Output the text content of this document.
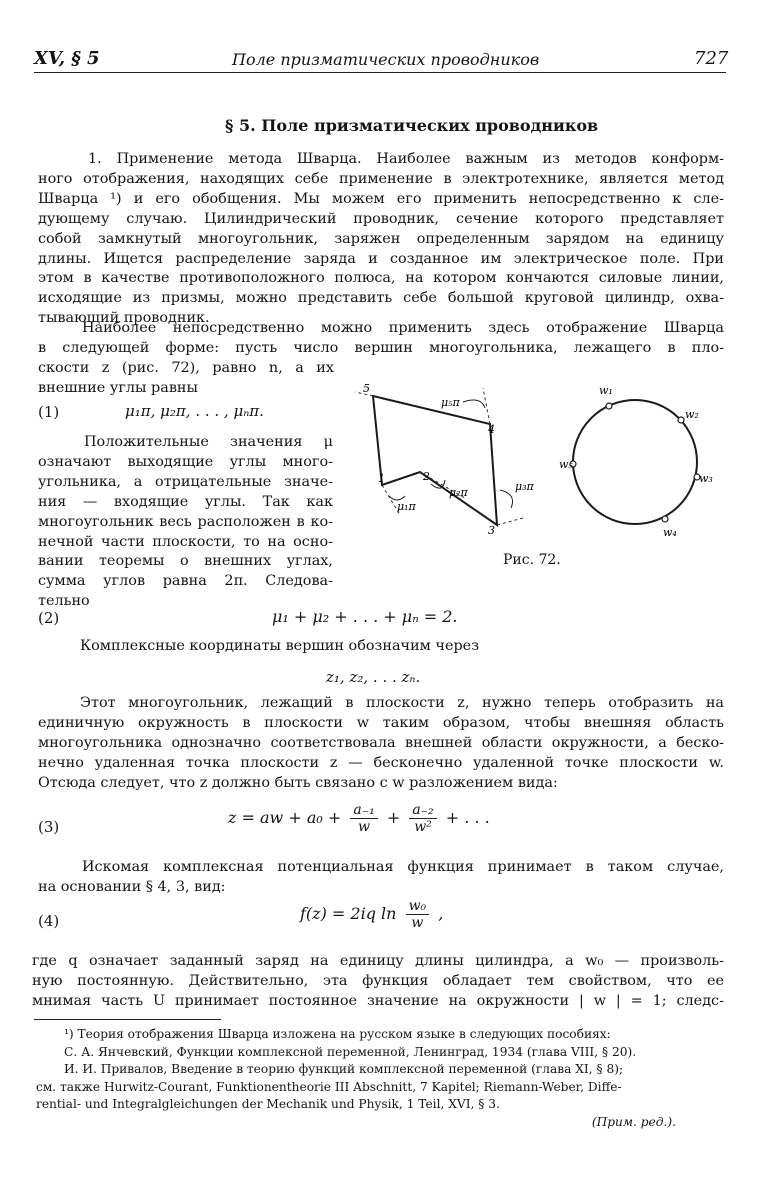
XV, § 5	Поле призматических проводников	727
§ 5. Поле призматических проводников
1. Применение метода Шварца. Наиболее важным из методов конформ-
ного отображения, находящих себе применение в электротехнике, является метод
Шварца ¹) и его обобщения. Мы можем его применить непосредственно к сле-
дующему случаю. Цилиндрический проводник, сечение которого представляет
собой замкнутый многоугольник, заряжен определенным зарядом на единицу
длины. Ищется распределение заряда и созданное им электрическое поле. При
этом в качестве противоположного полюса, на котором кончаются силовые линии,
исходящие из призмы, можно представить себе большой круговой цилиндр, охва-
тывающий проводник.
Наиболее непосредственно можно применить здесь отображение Шварца
в следующей форме: пусть число вершин многоугольника, лежащего в пло-
скости z (рис. 72), равно n, а их
внешние углы равны
(1)	μ₁π, μ₂π, . . . , μₙπ.
Положительные значения μ
означают выходящие углы много-
угольника, а отрицательные значе-
ния — входящие углы. Так как
многоугольник весь расположен в ко-
нечной части плоскости, то на осно-
вании теоремы о внешних углах,
сумма углов равна 2π. Следова-
тельно
5
4
1	2
3
μ₅π
μ₁π
μ₂π	μ₃π
w₁
w₂
w₃
w₄
w₅
Рис. 72.
(2)	μ₁ + μ₂ + . . . + μₙ = 2.
Комплексные координаты вершин обозначим через
z₁, z₂, . . . zₙ.
Этот многоугольник, лежащий в плоскости z, нужно теперь отобразить на
единичную окружность в плоскости w таким образом, чтобы внешняя область
многоугольника однозначно соответствовала внешней области окружности, а беско-
нечно удаленная точка плоскости z — бесконечно удаленной точке плоскости w.
Отсюда следует, что z должно быть связано с w разложением вида:
(3)	z = aw + $a_0 + \frac{\text{a₋₁}}{w} + \frac{\text{a₋₂}}{\text{w²}}$ + . . .
Искомая комплексная потенциальная функция принимает в таком случае,
на основании § 4, 3, вид:
(4)	f(z) = 2iq $\ln \frac{\text{w₀}}{w}$ ,
где q означает заданный заряд на единицу длины цилиндра, а w₀ — произволь-
ную постоянную. Действительно, эта функция обладает тем свойством, что ее
мнимая часть U принимает постоянное значение на окружности | w | = 1; следс-
¹) Теория отображения Шварца изложена на русском языке в следующих пособиях:
С. А. Янчевский, Функции комплексной переменной, Ленинград, 1934 (глава VIII, § 20).
И. И. Привалов, Введение в теорию функций комплексной переменной (глава XI, § 8);
см. также Hurwitz-Courant, Funktionentheorie III Abschnitt, 7 Kapitel; Riemann-Weber, Diffe-
rential- und Integralgleichungen der Mechanik und Physik, 1 Teil, XVI, § 3.
(Прим. ред.).
